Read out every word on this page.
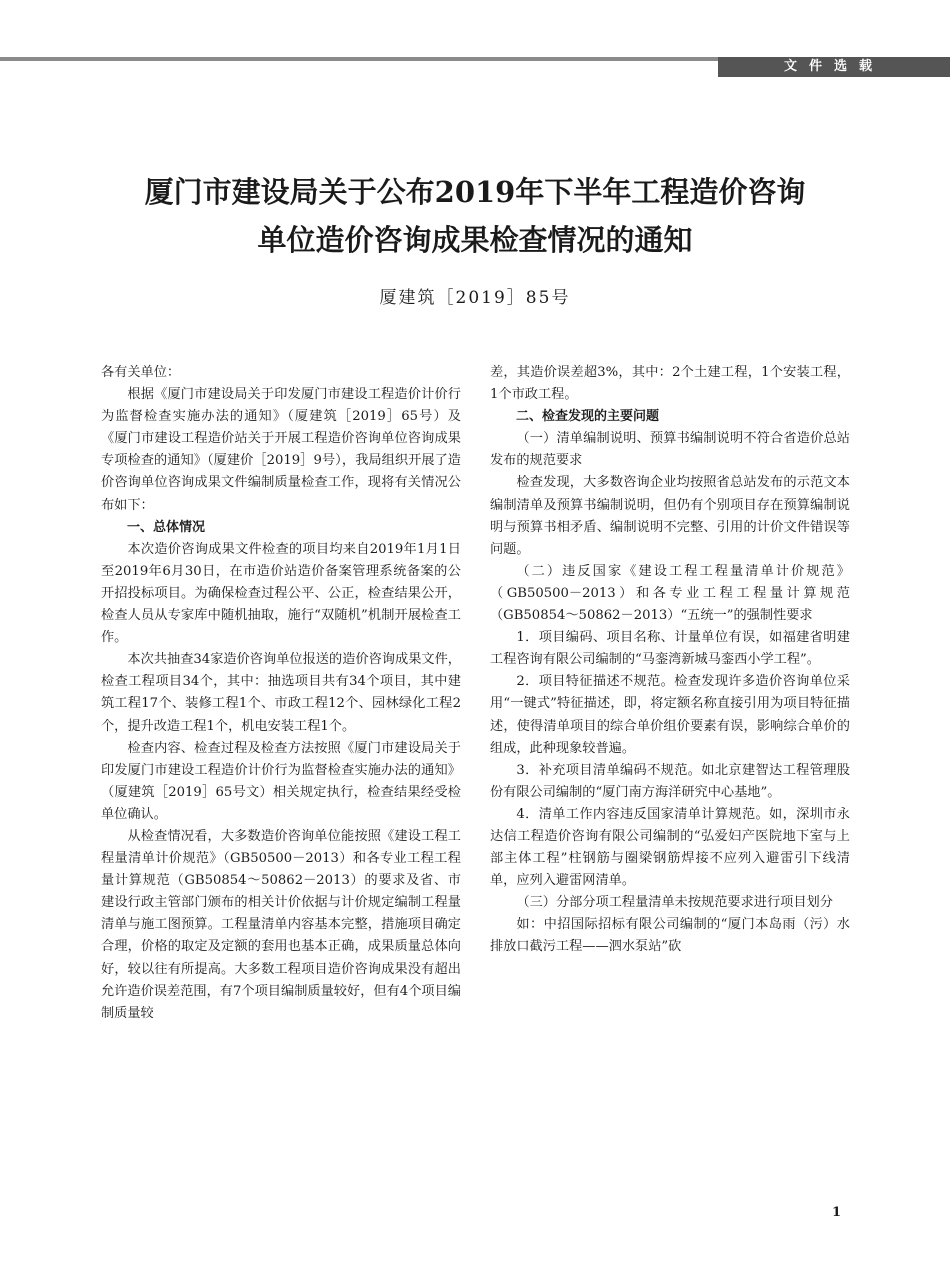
文件选载
厦门市建设局关于公布2019年下半年工程造价咨询
单位造价咨询成果检查情况的通知
厦建筑［2019］85号

各有关单位：

根据《厦门市建设局关于印发厦门市建设工程造价计价行为监督检查实施办法的通知》（厦建筑［2019］65号）及《厦门市建设工程造价站关于开展工程造价咨询单位咨询成果专项检查的通知》（厦建价［2019］9号），我局组织开展了造价咨询单位咨询成果文件编制质量检查工作，现将有关情况公布如下：

一、总体情况

本次造价咨询成果文件检查的项目均来自2019年1月1日至2019年6月30日，在市造价站造价备案管理系统备案的公开招投标项目。为确保检查过程公平、公正，检查结果公开，检查人员从专家库中随机抽取，施行“双随机”机制开展检查工作。

本次共抽查34家造价咨询单位报送的造价咨询成果文件，检查工程项目34个，其中：抽选项目共有34个项目，其中建筑工程17个、装修工程1个、市政工程12个、园林绿化工程2个，提升改造工程1个，机电安装工程1个。

检查内容、检查过程及检查方法按照《厦门市建设局关于印发厦门市建设工程造价计价行为监督检查实施办法的通知》（厦建筑［2019］65号文）相关规定执行，检查结果经受检单位确认。

从检查情况看，大多数造价咨询单位能按照《建设工程工程量清单计价规范》（GB50500－2013）和各专业工程工程量计算规范（GB50854～50862－2013）的要求及省、市建设行政主管部门颁布的相关计价依据与计价规定编制工程量清单与施工图预算。工程量清单内容基本完整，措施项目确定合理，价格的取定及定额的套用也基本正确，成果质量总体向好，较以往有所提高。大多数工程项目造价咨询成果没有超出允许造价误差范围，有7个项目编制质量较好，但有4个项目编制质量较

差，其造价误差超3%，其中：2个土建工程，1个安装工程，1个市政工程。

二、检查发现的主要问题

（一）清单编制说明、预算书编制说明不符合省造价总站发布的规范要求

检查发现，大多数咨询企业均按照省总站发布的示范文本编制清单及预算书编制说明，但仍有个别项目存在预算编制说明与预算书相矛盾、编制说明不完整、引用的计价文件错误等问题。

（二）违反国家《建设工程工程量清单计价规范》（GB50500－2013）和各专业工程工程量计算规范（GB50854～50862－2013）“五统一”的强制性要求

1．项目编码、项目名称、计量单位有误，如福建省明建工程咨询有限公司编制的“马銮湾新城马銮西小学工程”。

2．项目特征描述不规范。检查发现许多造价咨询单位采用“一键式”特征描述，即，将定额名称直接引用为项目特征描述，使得清单项目的综合单价组价要素有误，影响综合单价的组成，此种现象较普遍。

3．补充项目清单编码不规范。如北京建智达工程管理股份有限公司编制的“厦门南方海洋研究中心基地”。

4．清单工作内容违反国家清单计算规范。如，深圳市永达信工程造价咨询有限公司编制的“弘爱妇产医院地下室与上部主体工程”柱钢筋与圈梁钢筋焊接不应列入避雷引下线清单，应列入避雷网清单。

（三）分部分项工程量清单未按规范要求进行项目划分

如：中招国际招标有限公司编制的“厦门本岛雨（污）水排放口截污工程——泗水泵站”砍

1
